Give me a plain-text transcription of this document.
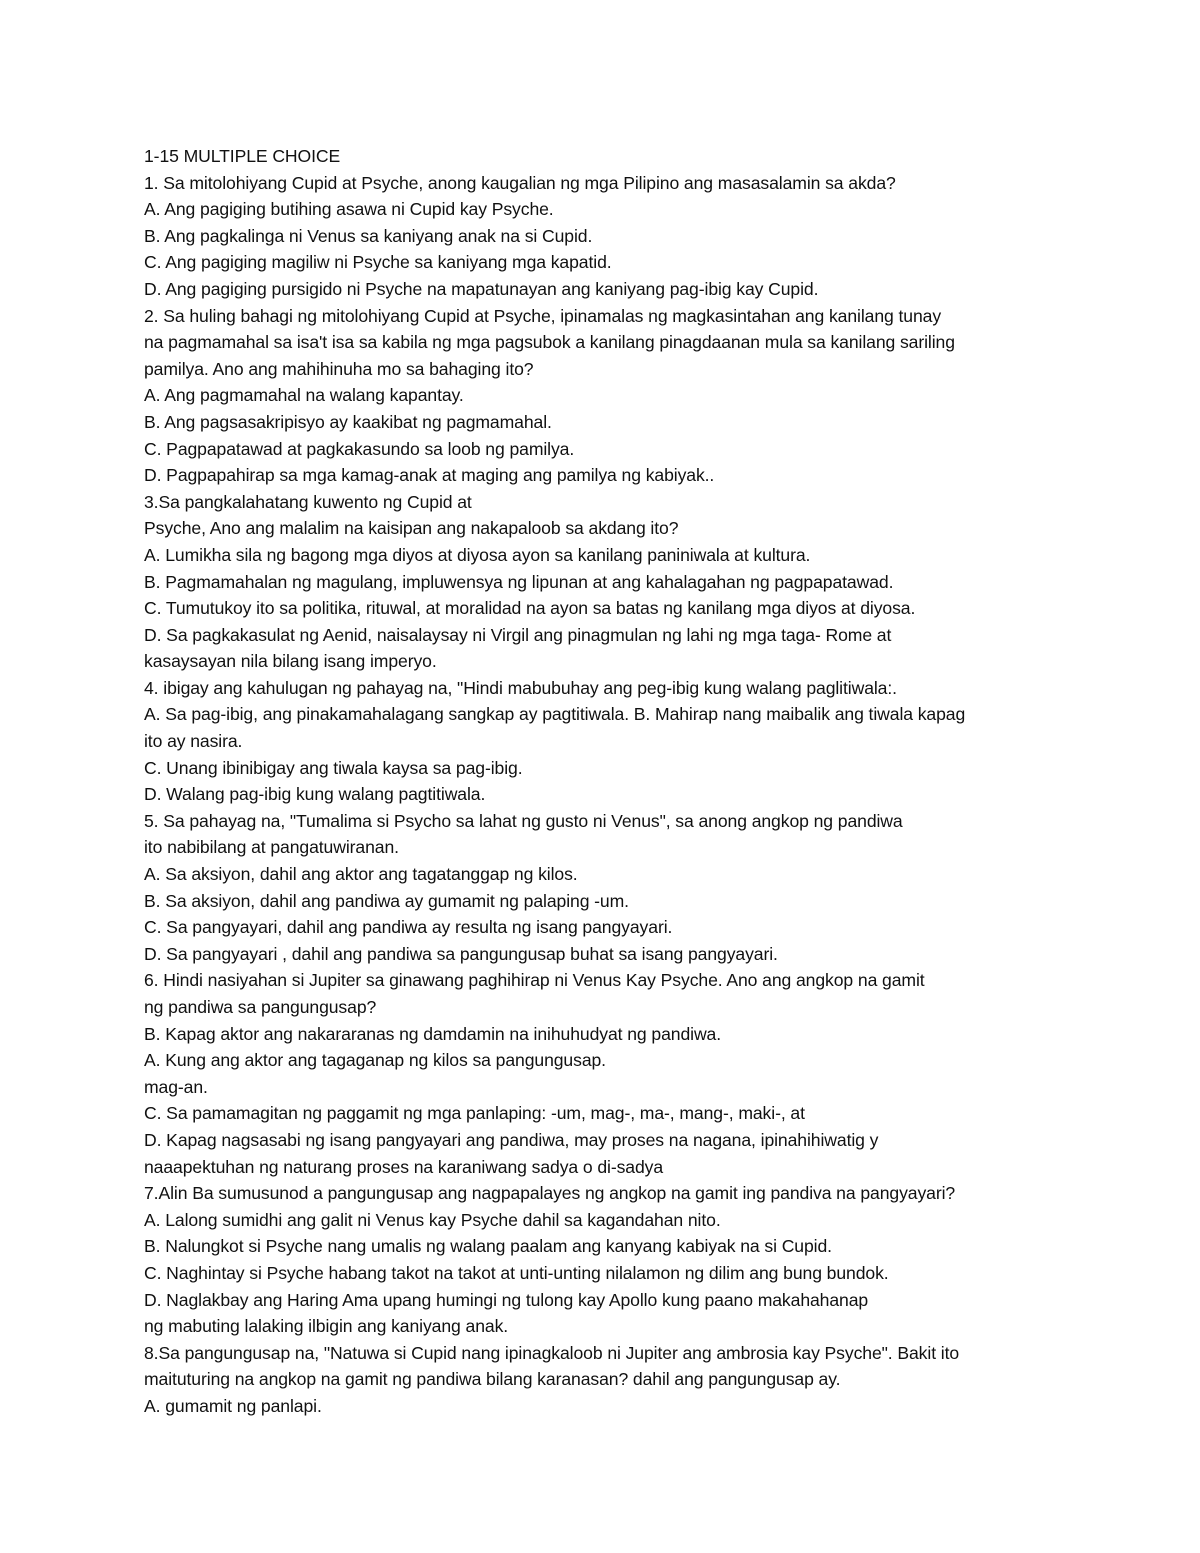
1-15 MULTIPLE CHOICE
1. Sa mitolohiyang Cupid at Psyche, anong kaugalian ng mga Pilipino ang masasalamin sa akda?
A. Ang pagiging butihing asawa ni Cupid kay Psyche.
B. Ang pagkalinga ni Venus sa kaniyang anak na si Cupid.
C. Ang pagiging magiliw ni Psyche sa kaniyang mga kapatid.
D. Ang pagiging pursigido ni Psyche na mapatunayan ang kaniyang pag-ibig kay Cupid.
2. Sa huling bahagi ng mitolohiyang Cupid at Psyche, ipinamalas ng magkasintahan ang kanilang tunay
na pagmamahal sa isa't isa sa kabila ng mga pagsubok a kanilang pinagdaanan mula sa kanilang sariling
pamilya. Ano ang mahihinuha mo sa bahaging ito?
A. Ang pagmamahal na walang kapantay.
B. Ang pagsasakripisyo ay kaakibat ng pagmamahal.
C. Pagpapatawad at pagkakasundo sa loob ng pamilya.
D. Pagpapahirap sa mga kamag-anak at maging ang pamilya ng kabiyak..
3.Sa pangkalahatang kuwento ng Cupid at
Psyche, Ano ang malalim na kaisipan ang nakapaloob sa akdang ito?
A. Lumikha sila ng bagong mga diyos at diyosa ayon sa kanilang paniniwala at kultura.
B. Pagmamahalan ng magulang, impluwensya ng lipunan at ang kahalagahan ng pagpapatawad.
C. Tumutukoy ito sa politika, rituwal, at moralidad na ayon sa batas ng kanilang mga diyos at diyosa.
D. Sa pagkakasulat ng Aenid, naisalaysay ni Virgil ang pinagmulan ng lahi ng mga taga- Rome at
kasaysayan nila bilang isang imperyo.
4. ibigay ang kahulugan ng pahayag na, "Hindi mabubuhay ang peg-ibig kung walang paglitiwala:.
A. Sa pag-ibig, ang pinakamahalagang sangkap ay pagtitiwala. B. Mahirap nang maibalik ang tiwala kapag
ito ay nasira.
C. Unang ibinibigay ang tiwala kaysa sa pag-ibig.
D. Walang pag-ibig kung walang pagtitiwala.
5. Sa pahayag na, "Tumalima si Psycho sa lahat ng gusto ni Venus", sa anong angkop ng pandiwa
ito nabibilang at pangatuwiranan.
A. Sa aksiyon, dahil ang aktor ang tagatanggap ng kilos.
B. Sa aksiyon, dahil ang pandiwa ay gumamit ng palaping -um.
C. Sa pangyayari, dahil ang pandiwa ay resulta ng isang pangyayari.
D. Sa pangyayari , dahil ang pandiwa sa pangungusap buhat sa isang pangyayari.
6. Hindi nasiyahan si Jupiter sa ginawang paghihirap ni Venus Kay Psyche. Ano ang angkop na gamit
ng pandiwa sa pangungusap?
B. Kapag aktor ang nakararanas ng damdamin na inihuhudyat ng pandiwa.
A. Kung ang aktor ang tagaganap ng kilos sa pangungusap.
mag-an.
C. Sa pamamagitan ng paggamit ng mga panlaping: -um, mag-, ma-, mang-, maki-, at
D. Kapag nagsasabi ng isang pangyayari ang pandiwa, may proses na nagana, ipinahihiwatig y
naaapektuhan ng naturang proses na karaniwang sadya o di-sadya
7.Alin Ba sumusunod a pangungusap ang nagpapalayes ng angkop na gamit ing pandiva na pangyayari?
A. Lalong sumidhi ang galit ni Venus kay Psyche dahil sa kagandahan nito.
B. Nalungkot si Psyche nang umalis ng walang paalam ang kanyang kabiyak na si Cupid.
C. Naghintay si Psyche habang takot na takot at unti-unting nilalamon ng dilim ang bung bundok.
D. Naglakbay ang Haring Ama upang humingi ng tulong kay Apollo kung paano makahahanap
ng mabuting lalaking ilbigin ang kaniyang anak.
8.Sa pangungusap na, "Natuwa si Cupid nang ipinagkaloob ni Jupiter ang ambrosia kay Psyche". Bakit ito
maituturing na angkop na gamit ng pandiwa bilang karanasan? dahil ang pangungusap ay.
A. gumamit ng panlapi.
